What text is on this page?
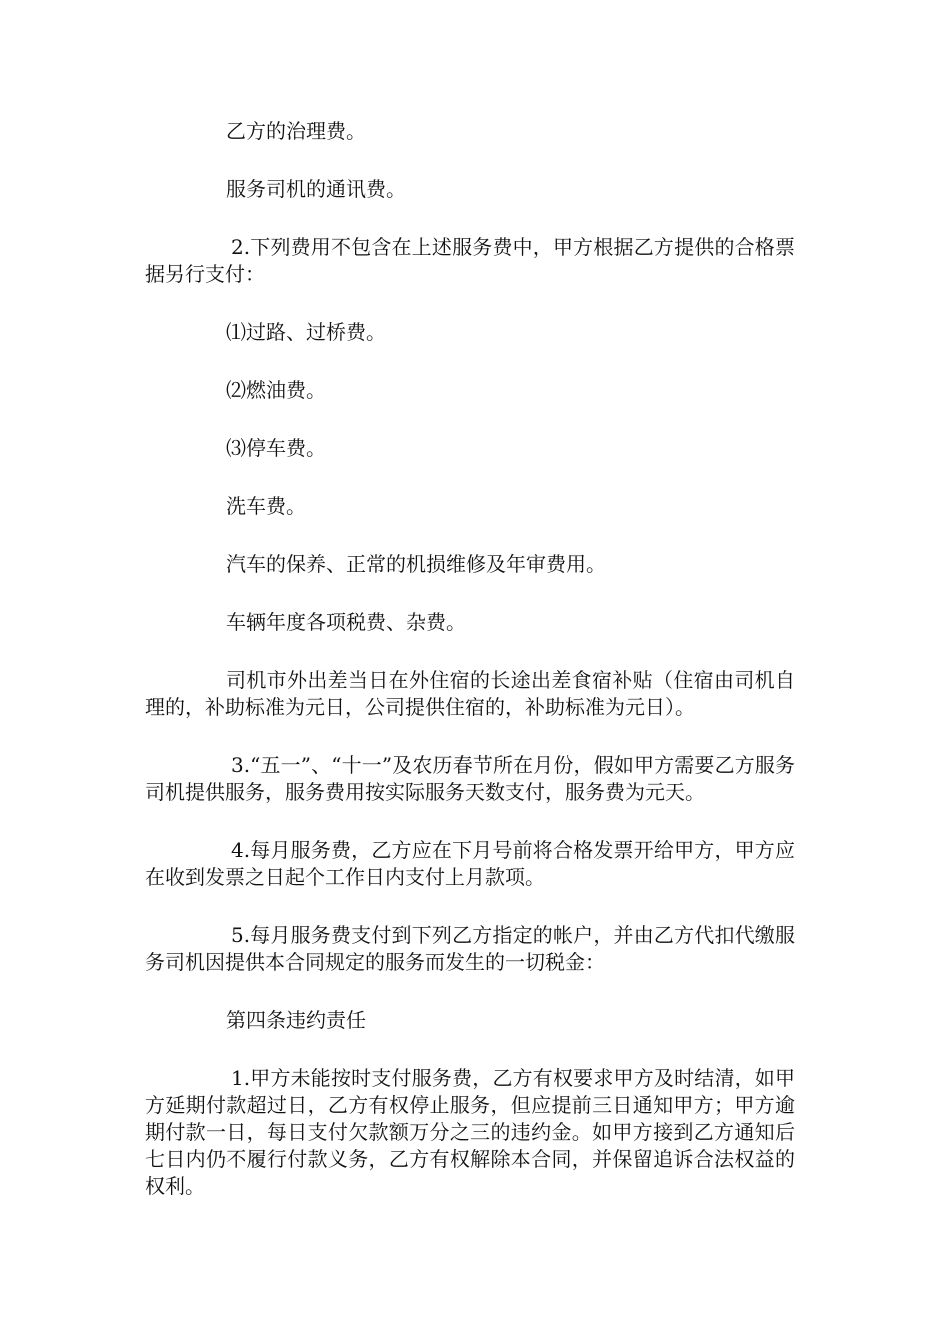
乙方的治理费。

服务司机的通讯费。

2.下列费用不包含在上述服务费中，甲方根据乙方提供的合格票据另行支付：

⑴过路、过桥费。

⑵燃油费。

⑶停车费。

洗车费。

汽车的保养、正常的机损维修及年审费用。

车辆年度各项税费、杂费。

司机市外出差当日在外住宿的长途出差食宿补贴（住宿由司机自理的，补助标准为元日，公司提供住宿的，补助标准为元日）。

3.“五一”、“十一”及农历春节所在月份，假如甲方需要乙方服务司机提供服务，服务费用按实际服务天数支付，服务费为元天。

4.每月服务费，乙方应在下月号前将合格发票开给甲方，甲方应在收到发票之日起个工作日内支付上月款项。

5.每月服务费支付到下列乙方指定的帐户，并由乙方代扣代缴服务司机因提供本合同规定的服务而发生的一切税金：

第四条违约责任

1.甲方未能按时支付服务费，乙方有权要求甲方及时结清，如甲方延期付款超过日，乙方有权停止服务，但应提前三日通知甲方；甲方逾期付款一日，每日支付欠款额万分之三的违约金。如甲方接到乙方通知后七日内仍不履行付款义务，乙方有权解除本合同，并保留追诉合法权益的权利。
